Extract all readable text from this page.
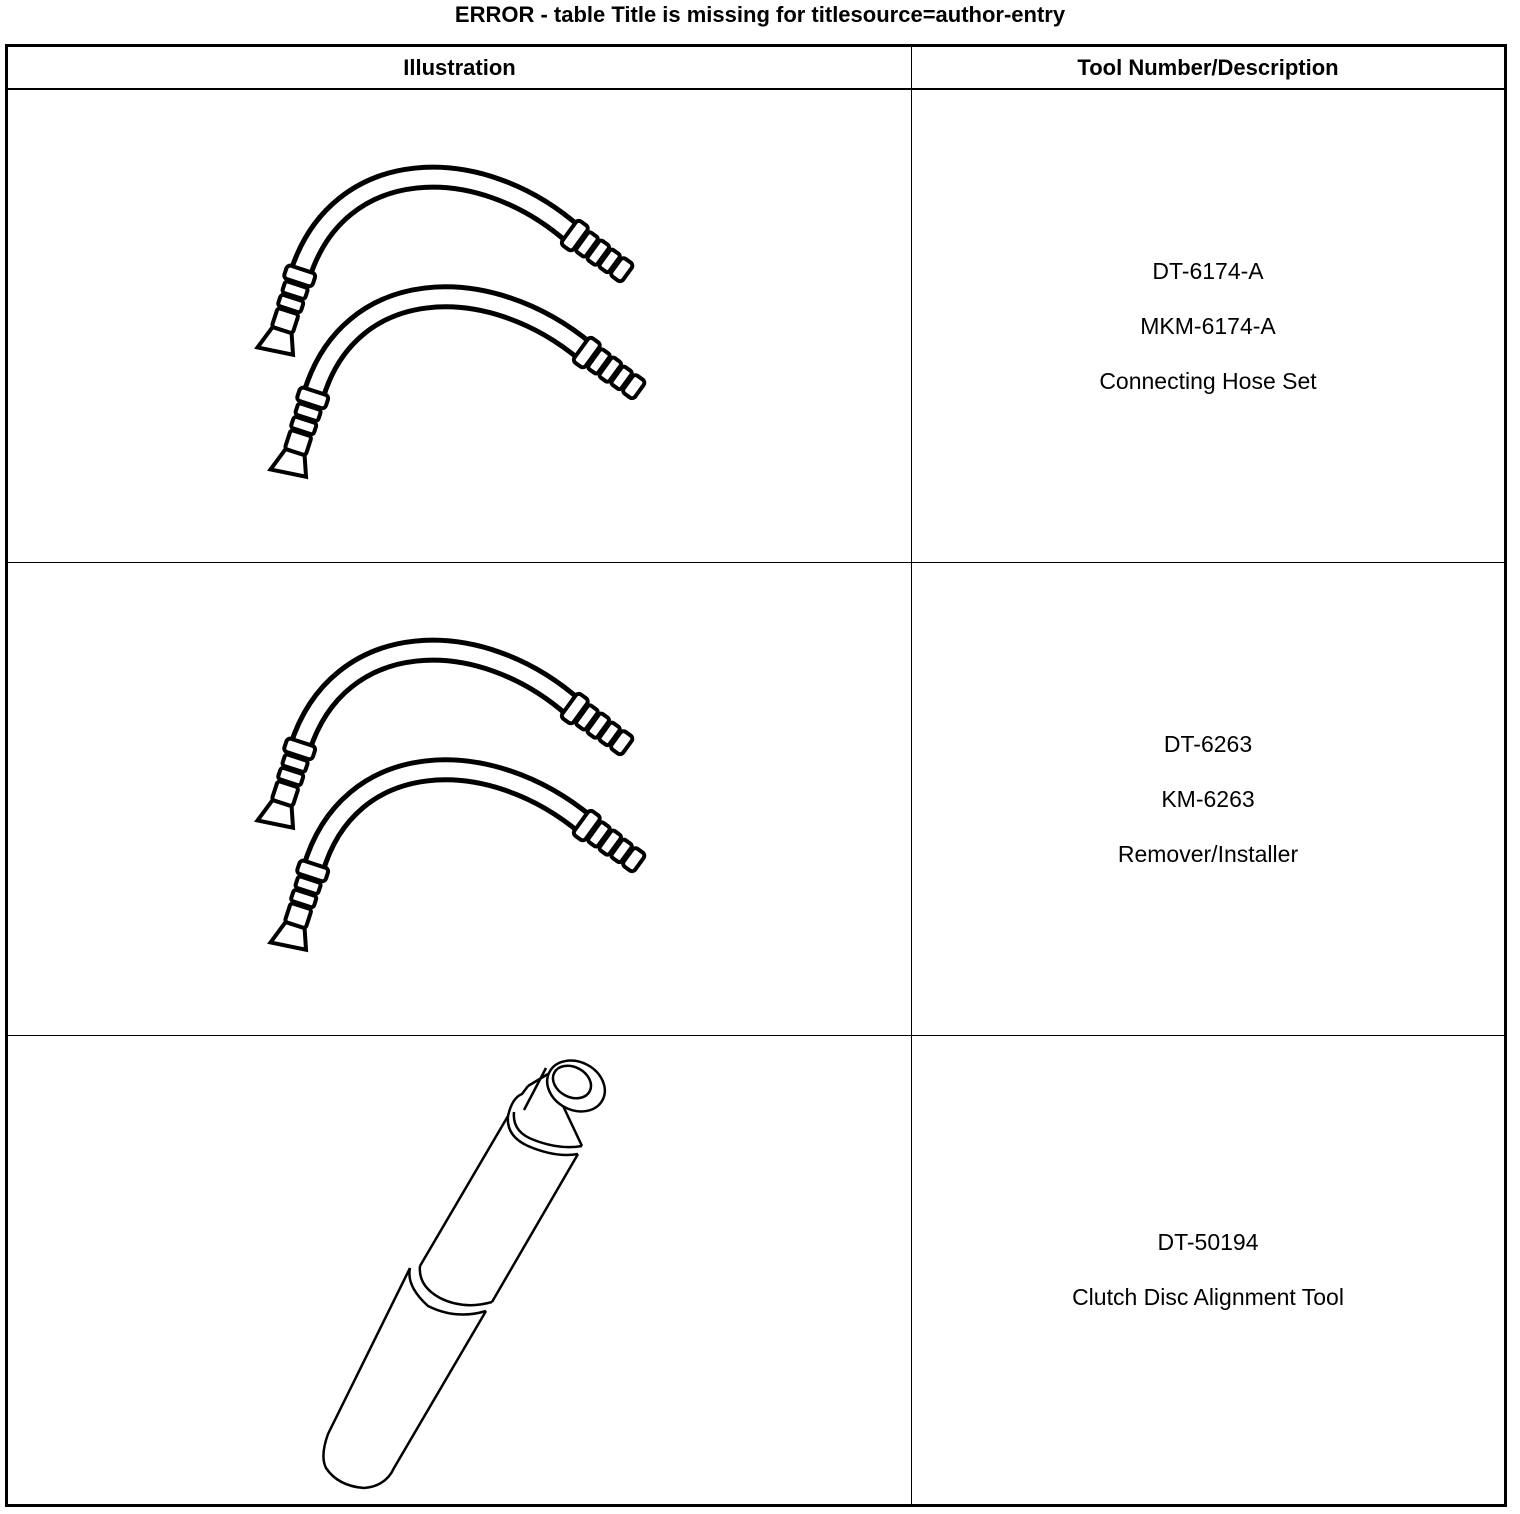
ERROR - table Title is missing for titlesource=author-entry
Illustration	Tool Number/Description
DT-6174-A
MKM-6174-A
Connecting Hose Set
DT-6263
KM-6263
Remover/Installer
DT-50194
Clutch Disc Alignment Tool
